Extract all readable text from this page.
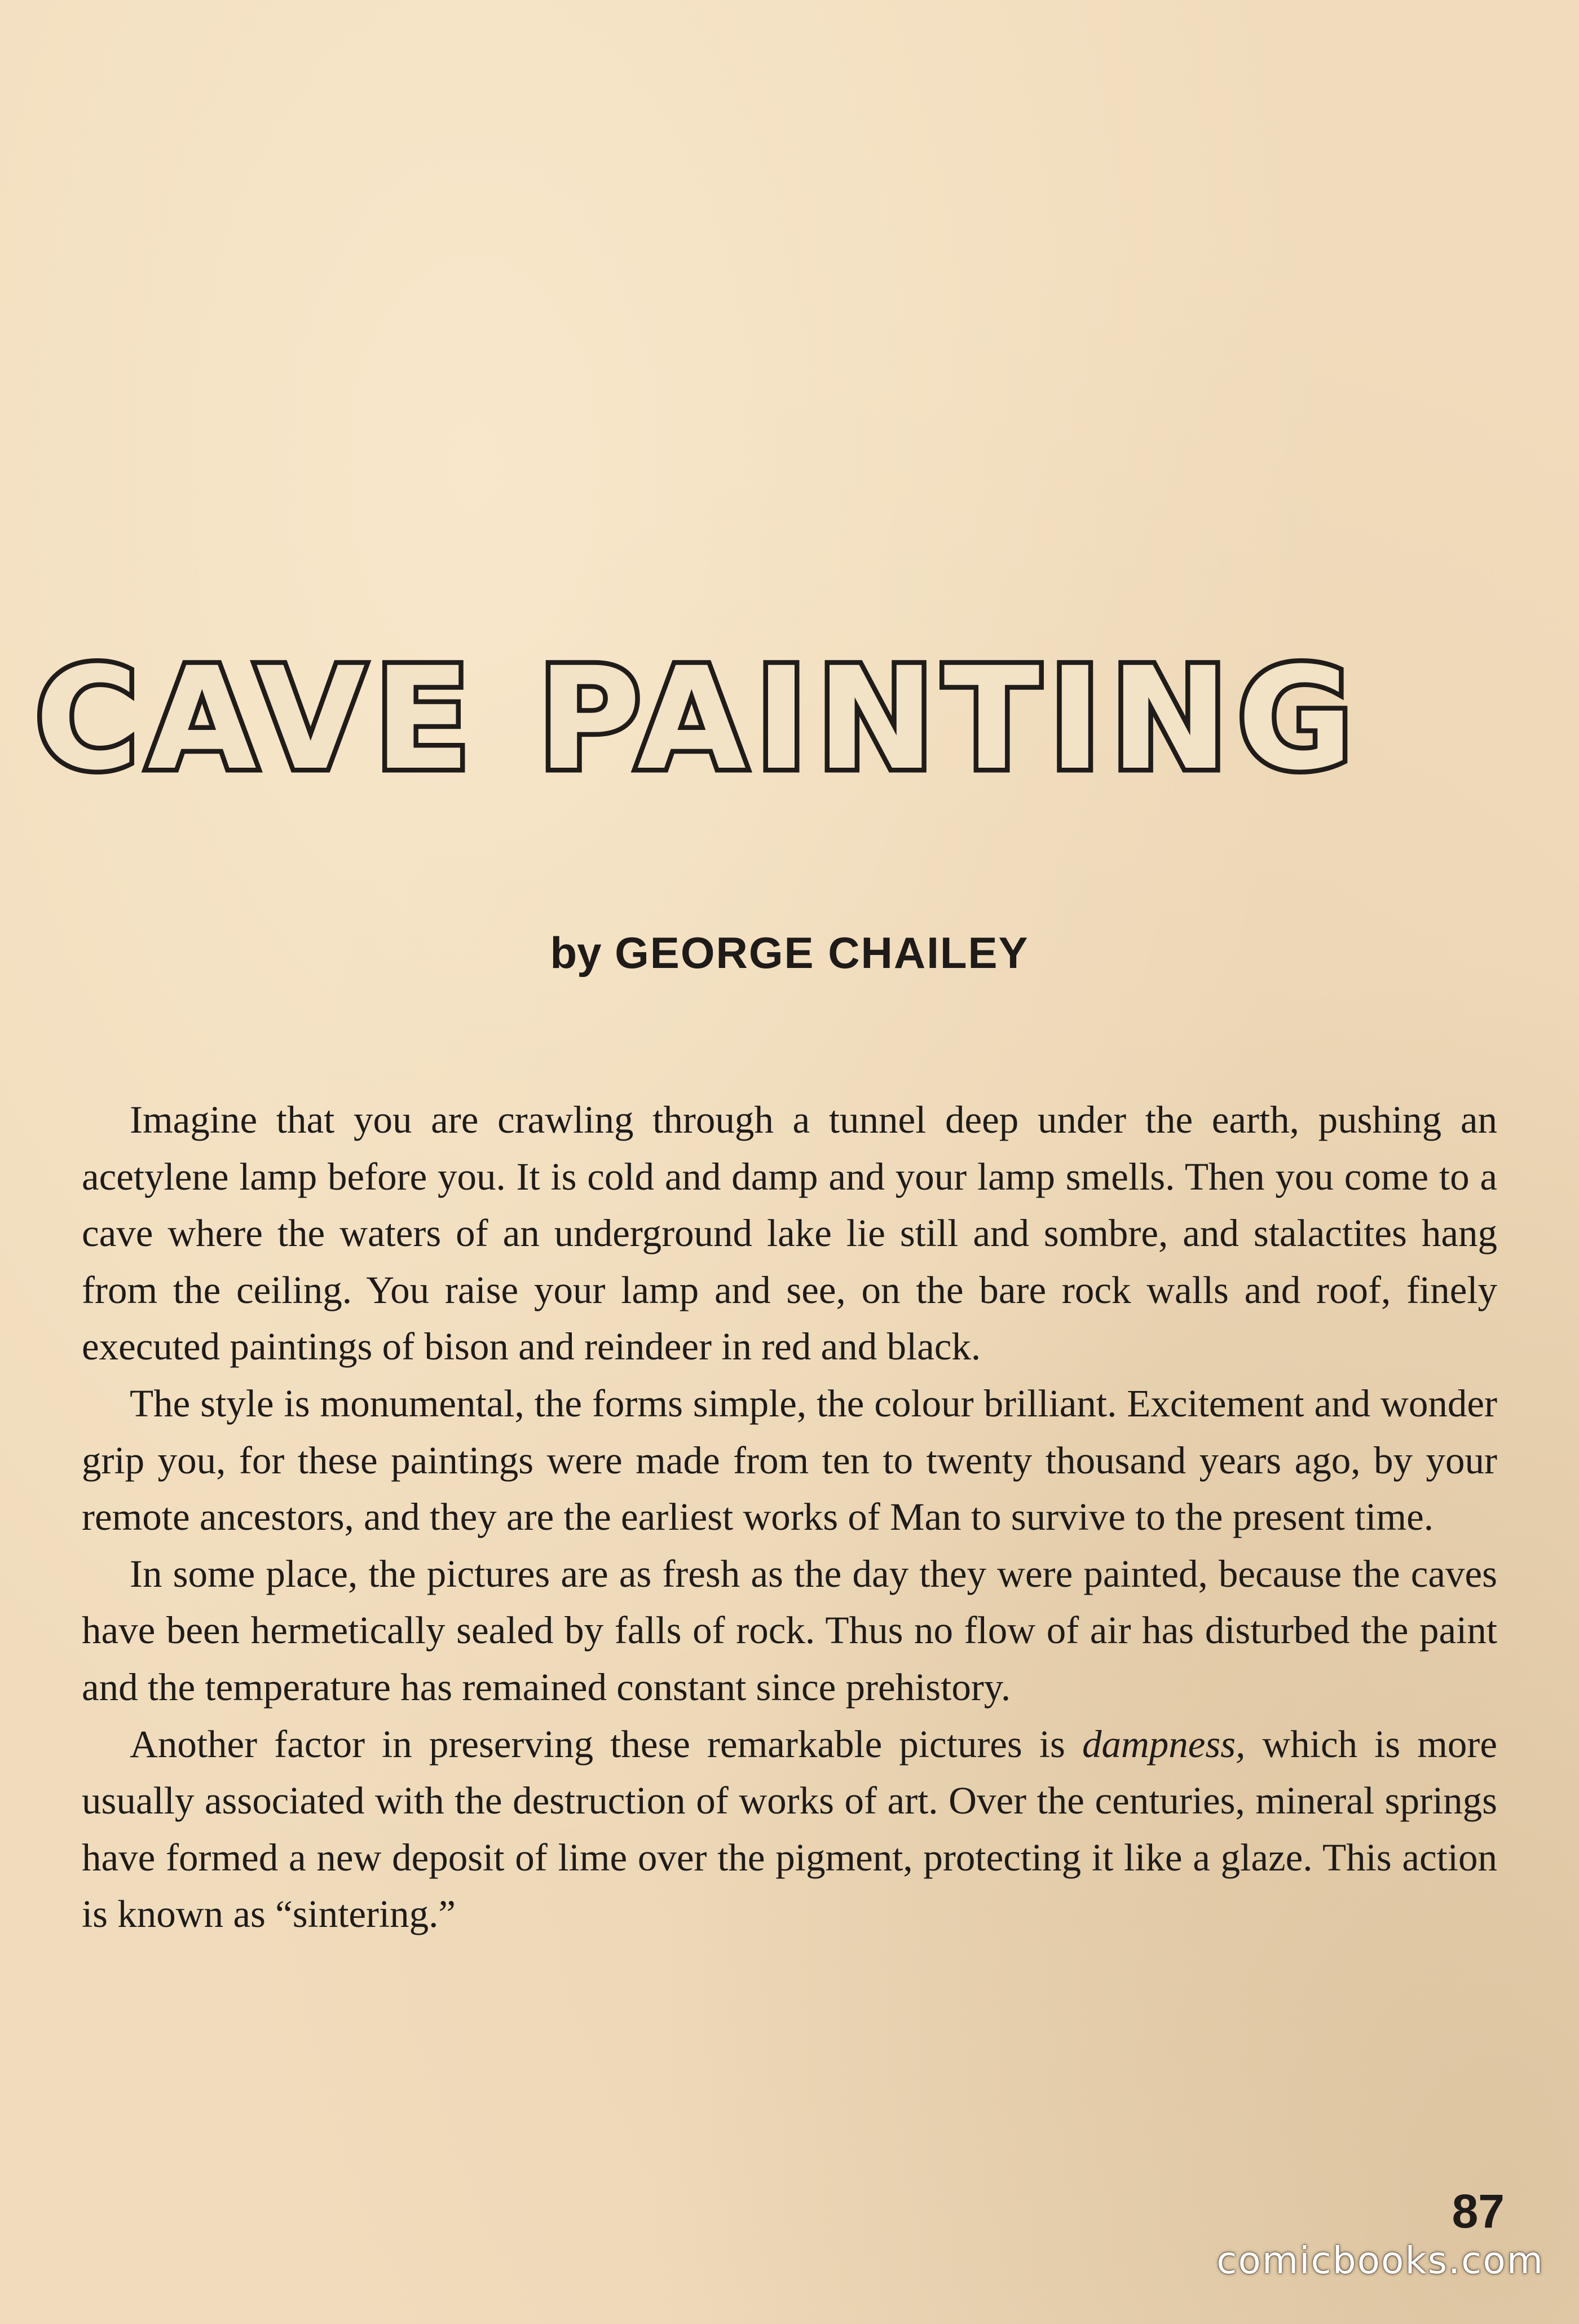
CAVE PAINTING
by GEORGE CHAILEY

Imagine that you are crawling through a tunnel deep under the earth, pushing an acetylene lamp before you. It is cold and damp and your lamp smells. Then you come to a cave where the waters of an underground lake lie still and sombre, and stalactites hang from the ceiling. You raise your lamp and see, on the bare rock walls and roof, finely executed paintings of bison and reindeer in red and black.

The style is monumental, the forms simple, the colour brilliant. Excitement and wonder grip you, for these paintings were made from ten to twenty thousand years ago, by your remote ancestors, and they are the earliest works of Man to survive to the present time.

In some place, the pictures are as fresh as the day they were painted, because the caves have been hermetically sealed by falls of rock. Thus no flow of air has disturbed the paint and the temperature has remained constant since prehistory.

Another factor in preserving these remarkable pictures is dampness, which is more usually associated with the destruction of works of art. Over the centuries, mineral springs have formed a new deposit of lime over the pigment, protecting it like a glaze. This action is known as “sintering.”

87
comicbooks.com
